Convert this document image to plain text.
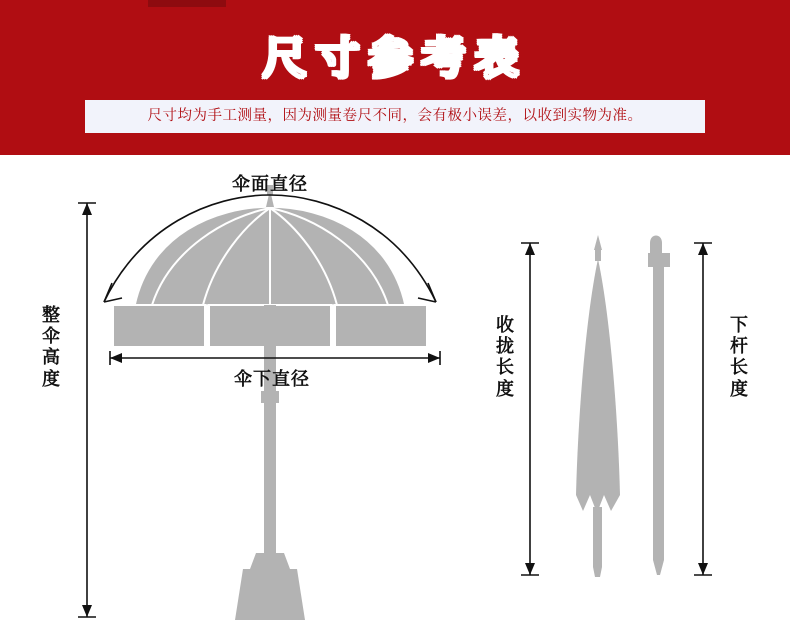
尺寸参考表
尺寸均为手工测量，因为测量卷尺不同，会有极小误差，以收到实物为准。
伞面直径
伞下直径
整
伞
高
度
收
拢
长
度
下
杆
长
度
